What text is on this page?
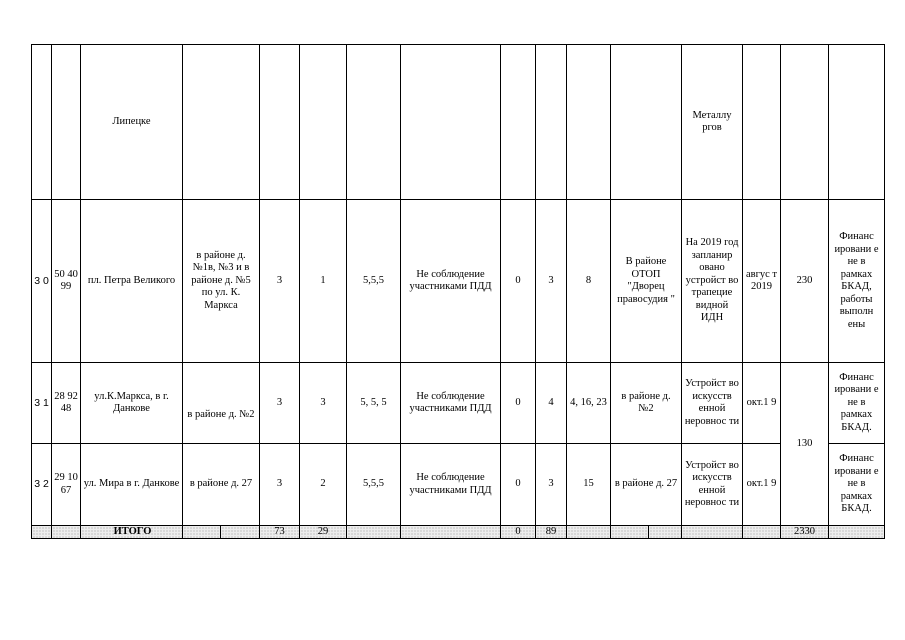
		Липецке												Металлу ргов			
3 0	50 40 99	пл. Петра Великого	в районе д. №1в, №3 и в районе д. №5 по ул. К. Маркса		3	1	5,5,5	Не соблюдение участниками ПДД	0	3	8	В районе ОТОП "Дворец правосудия "		На 2019 год запланир овано устройст во трапецие видной ИДН	авгус т 2019	230	Финанс ировани е не в рамках БКАД, работы выполн ены
3 1	28 92 48	ул.К.Маркса, в г. Данкове	в районе д. №2		3	3	5, 5, 5	Не соблюдение участниками ПДД	0	4	4, 16, 23	в районе д. №2		Устройст во искусств енной неровнос ти	окт.1 9	130	Финанс ировани е не в рамках БКАД.
3 2	29 10 67	ул. Мира в г. Данкове	в районе д. 27		3	2	5,5,5	Не соблюдение участниками ПДД	0	3	15	в районе д. 27		Устройст во искусств енной неровнос ти	окт.1 9		Финанс ировани е не в рамках БКАД.
		ИТОГО			73	29			0	89						2330	
